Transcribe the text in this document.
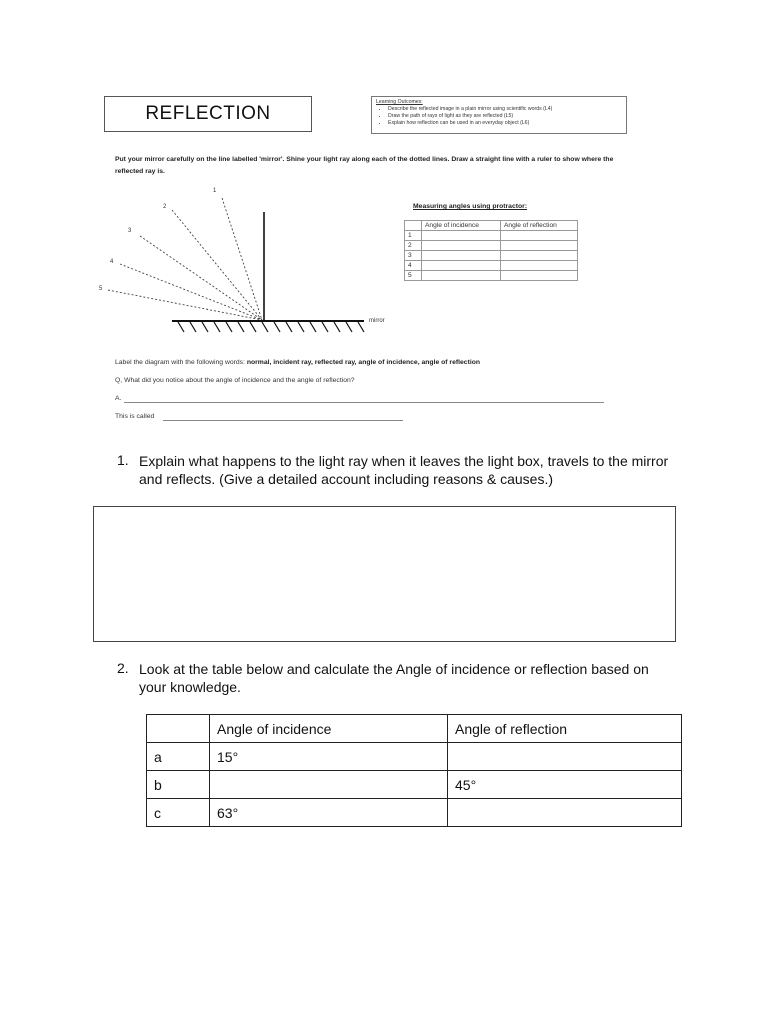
REFLECTION
Learning Outcomes:
• Describe the reflected image in a plain mirror using scientific words (L4)
• Draw the path of rays of light as they are reflected (L5)
• Explain how reflection can be used in an everyday object (L6)
Put your mirror carefully on the line labelled 'mirror'. Shine your light ray along each of the dotted lines. Draw a straight line with a ruler to show where the reflected ray is.
1
2
3
4
5
mirror
Measuring angles using protractor:
	Angle of incidence	Angle of reflection
1		
2		
3		
4		
5		
Label the diagram with the following words: normal, incident ray, reflected ray, angle of incidence, angle of reflection
Q, What did you notice about the angle of incidence and the angle of reflection?
A.
This is called
1. Explain what happens to the light ray when it leaves the light box, travels to the mirror and reflects. (Give a detailed account including reasons & causes.)
2. Look at the table below and calculate the Angle of incidence or reflection based on your knowledge.
	Angle of incidence	Angle of reflection
a	15°	
b		45°
c	63°	
